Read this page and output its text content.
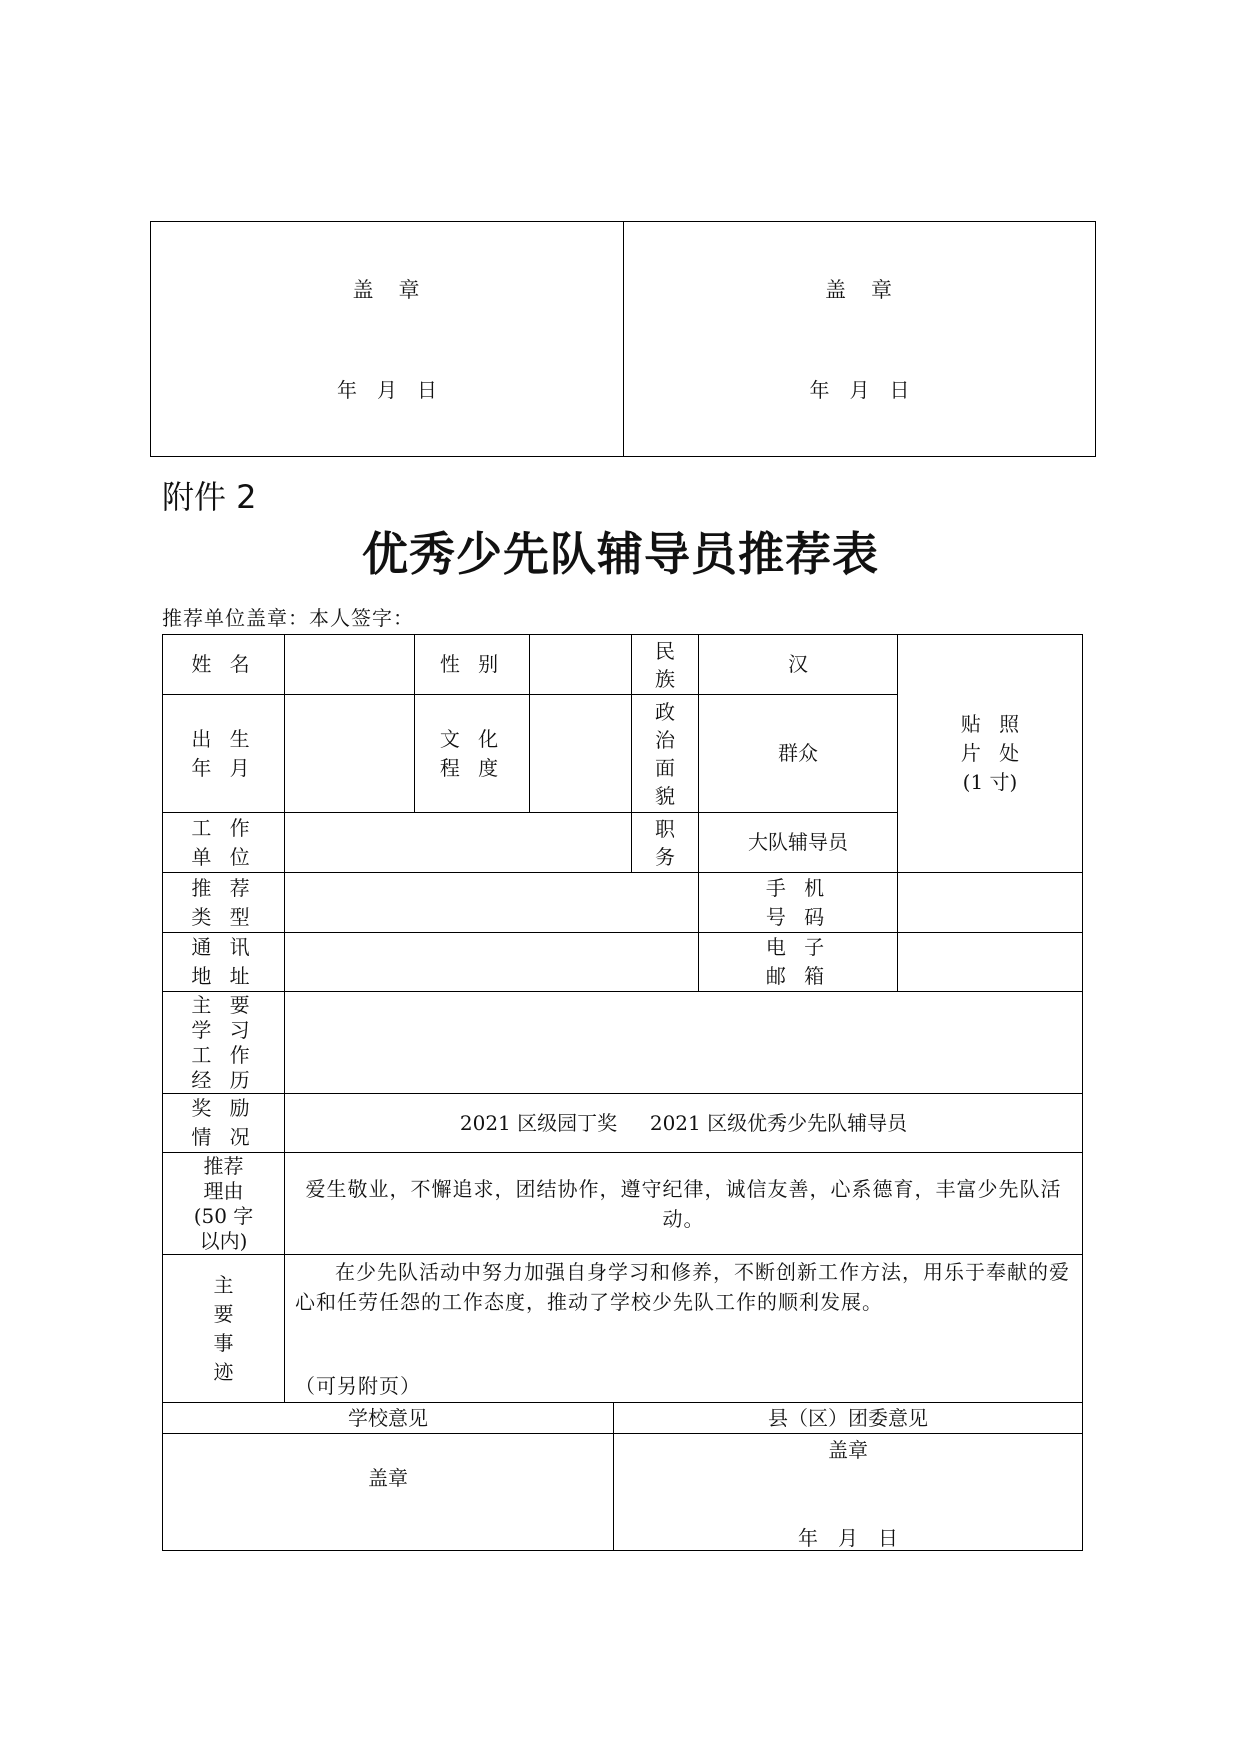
盖　章
年　月　日
盖　章
年　月　日
附件 2
优秀少先队辅导员推荐表
推荐单位盖章：本人签字：
姓 名	性 别
民族
汉
贴 照
片 处
(1 寸)
出 生
年 月
文 化
程 度
政治面貌
群众
工 作
单 位
职务
大队辅导员
推 荐
类 型
手 机
号 码
通 讯
地 址
电 子
邮 箱
主 要
学 习
工 作
经 历
奖 励
情 况
2021 区级园丁奖　  2021 区级优秀少先队辅导员
推荐
理由
(50 字
以内)
爱生敬业，不懈追求，团结协作，遵守纪律，诚信友善，心系德育，丰富少先队活动。
主要事迹
在少先队活动中努力加强自身学习和修养，不断创新工作方法，用乐于奉献的爱心和任劳任怨的工作态度，推动了学校少先队工作的顺利发展。
（可另附页）
学校意见	县（区）团委意见
盖章
盖章
年　月　日
